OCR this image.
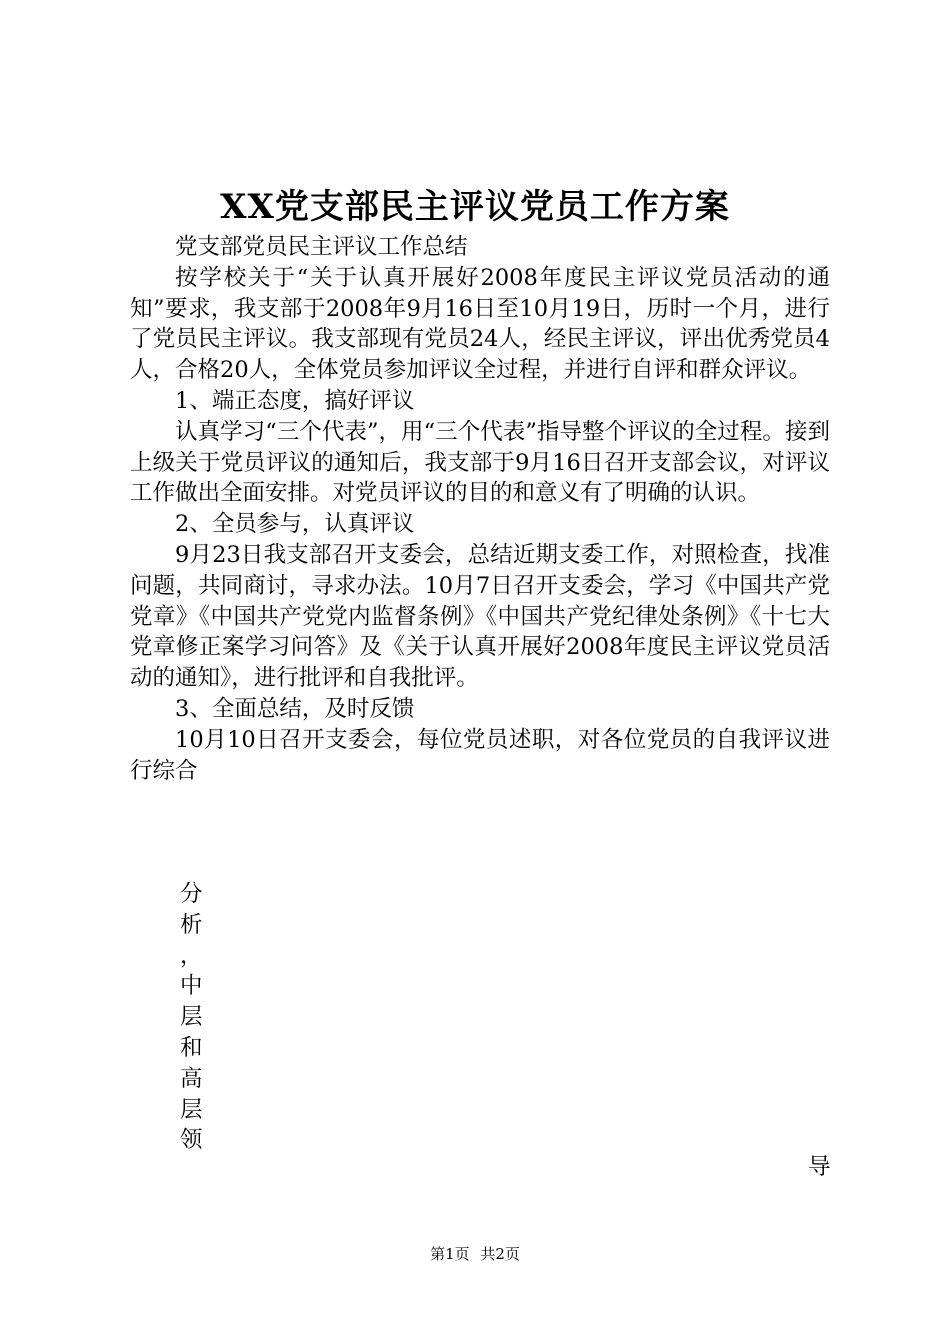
XX党支部民主评议党员工作方案

党支部党员民主评议工作总结

按学校关于“关于认真开展好2008年度民主评议党员活动的通知”要求，我支部于2008年9月16日至10月19日，历时一个月，进行了党员民主评议。我支部现有党员24人，经民主评议，评出优秀党员4人，合格20人，全体党员参加评议全过程，并进行自评和群众评议。

1、端正态度，搞好评议

认真学习“三个代表”，用“三个代表”指导整个评议的全过程。接到上级关于党员评议的通知后，我支部于9月16日召开支部会议，对评议工作做出全面安排。对党员评议的目的和意义有了明确的认识。

2、全员参与，认真评议

9月23日我支部召开支委会，总结近期支委工作，对照检查，找准问题，共同商讨，寻求办法。10月7日召开支委会，学习《中国共产党党章》《中国共产党党内监督条例》《中国共产党纪律处条例》《十七大党章修正案学习问答》及《关于认真开展好2008年度民主评议党员活动的通知》，进行批评和自我批评。

3、全面总结，及时反馈

10月10日召开支委会，每位党员述职，对各位党员的自我评议进行综合

分
析
，
中
层
和
高
层
领
导
第1页 共2页
